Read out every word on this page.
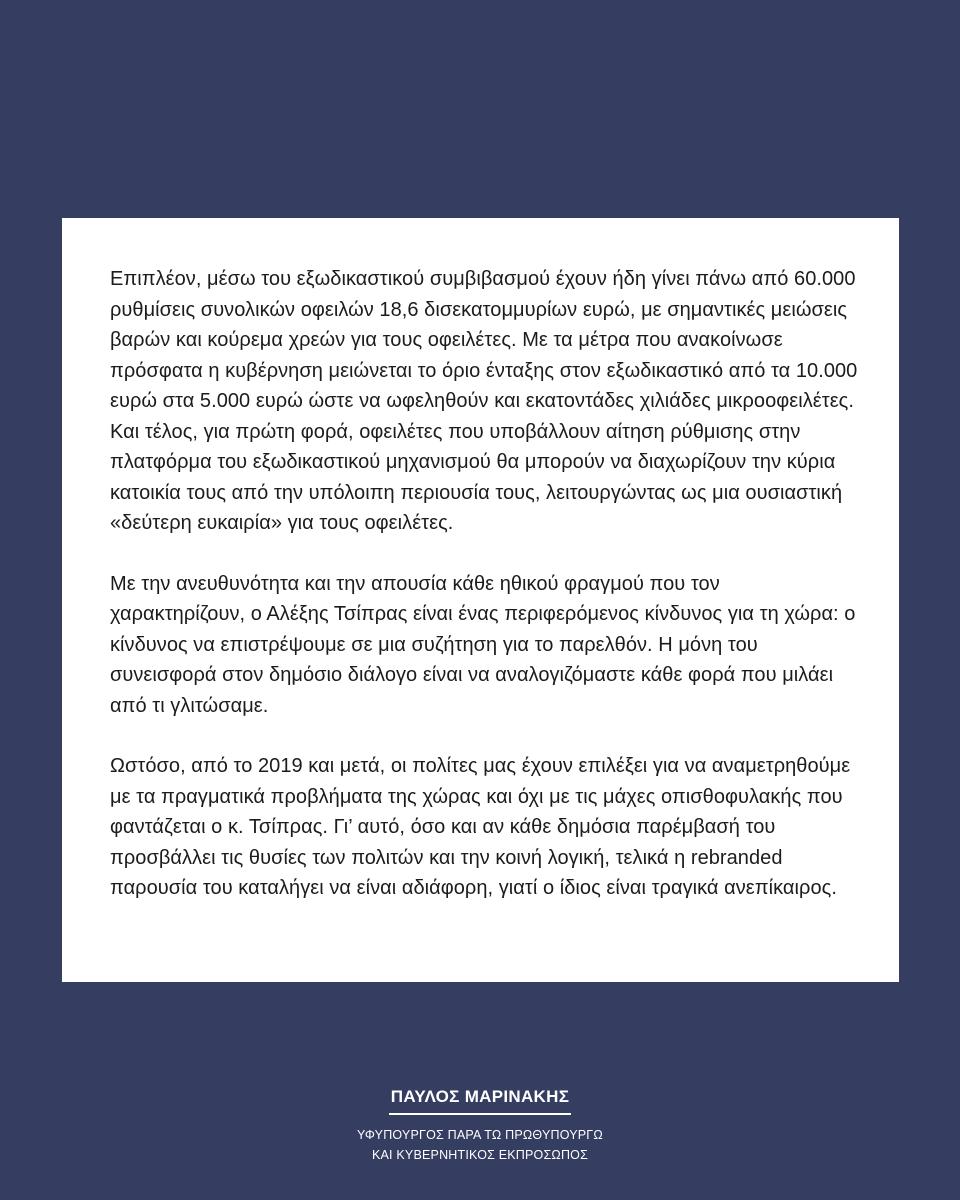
Επιπλέον, μέσω του εξωδικαστικού συμβιβασμού έχουν ήδη γίνει πάνω από 60.000 ρυθμίσεις συνολικών οφειλών 18,6 δισεκατομμυρίων ευρώ, με σημαντικές μειώσεις βαρών και κούρεμα χρεών για τους οφειλέτες. Με τα μέτρα που ανακοίνωσε πρόσφατα η κυβέρνηση μειώνεται το όριο ένταξης στον εξωδικαστικό από τα 10.000 ευρώ στα 5.000 ευρώ ώστε να ωφεληθούν και εκατοντάδες χιλιάδες μικροοφειλέτες. Και τέλος, για πρώτη φορά, οφειλέτες που υποβάλλουν αίτηση ρύθμισης στην πλατφόρμα του εξωδικαστικού μηχανισμού θα μπορούν να διαχωρίζουν την κύρια κατοικία τους από την υπόλοιπη περιουσία τους, λειτουργώντας ως μια ουσιαστική «δεύτερη ευκαιρία» για τους οφειλέτες.

Με την ανευθυνότητα και την απουσία κάθε ηθικού φραγμού που τον χαρακτηρίζουν, ο Αλέξης Τσίπρας είναι ένας περιφερόμενος κίνδυνος για τη χώρα: ο κίνδυνος να επιστρέψουμε σε μια συζήτηση για το παρελθόν. Η μόνη του συνεισφορά στον δημόσιο διάλογο είναι να αναλογιζόμαστε κάθε φορά που μιλάει από τι γλιτώσαμε.

Ωστόσο, από το 2019 και μετά, οι πολίτες μας έχουν επιλέξει για να αναμετρηθούμε με τα πραγματικά προβλήματα της χώρας και όχι με τις μάχες οπισθοφυλακής που φαντάζεται ο κ. Τσίπρας. Γι’ αυτό, όσο και αν κάθε δημόσια παρέμβασή του προσβάλλει τις θυσίες των πολιτών και την κοινή λογική, τελικά η rebranded παρουσία του καταλήγει να είναι αδιάφορη, γιατί ο ίδιος είναι τραγικά ανεπίκαιρος.

ΠΑΥΛΟΣ ΜΑΡΙΝΑΚΗΣ
ΥΦΥΠΟΥΡΓΟΣ ΠΑΡΑ ΤΩ ΠΡΩΘΥΠΟΥΡΓΩ
ΚΑΙ ΚΥΒΕΡΝΗΤΙΚΟΣ ΕΚΠΡΟΣΩΠΟΣ
